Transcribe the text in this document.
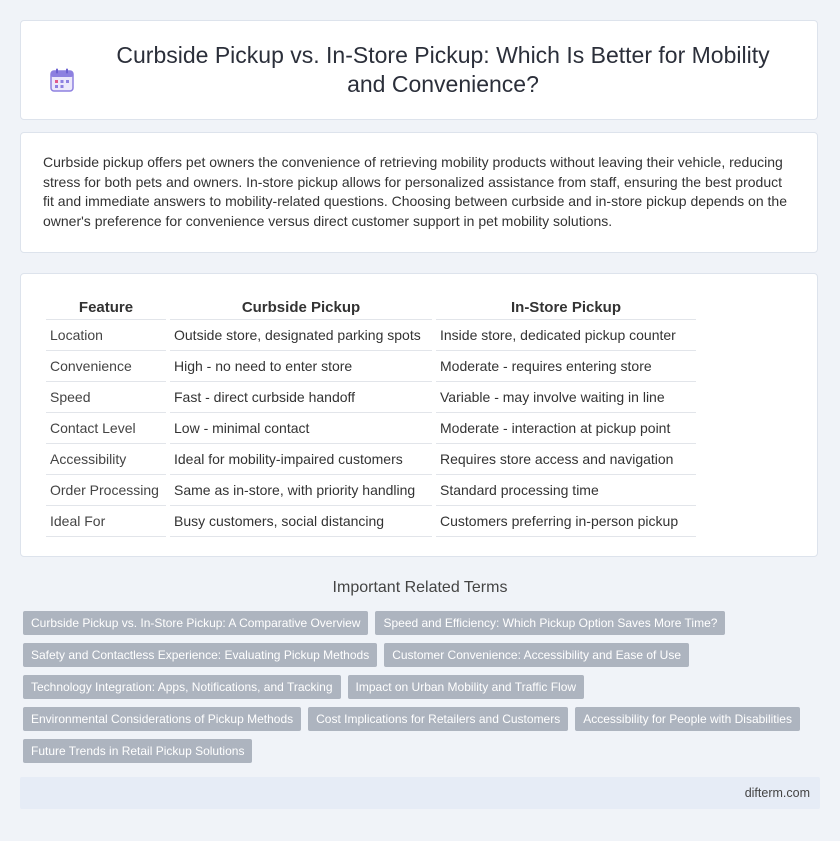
Curbside Pickup vs. In-Store Pickup: Which Is Better for Mobility and Convenience?

Curbside pickup offers pet owners the convenience of retrieving mobility products without leaving their vehicle, reducing stress for both pets and owners. In-store pickup allows for personalized assistance from staff, ensuring the best product fit and immediate answers to mobility-related questions. Choosing between curbside and in-store pickup depends on the owner's preference for convenience versus direct customer support in pet mobility solutions.

Feature	Curbside Pickup	In-Store Pickup
Location	Outside store, designated parking spots	Inside store, dedicated pickup counter
Convenience	High - no need to enter store	Moderate - requires entering store
Speed	Fast - direct curbside handoff	Variable - may involve waiting in line
Contact Level	Low - minimal contact	Moderate - interaction at pickup point
Accessibility	Ideal for mobility-impaired customers	Requires store access and navigation
Order Processing	Same as in-store, with priority handling	Standard processing time
Ideal For	Busy customers, social distancing	Customers preferring in-person pickup
Important Related Terms
Curbside Pickup vs. In-Store Pickup: A Comparative Overview	Speed and Efficiency: Which Pickup Option Saves More Time?
Safety and Contactless Experience: Evaluating Pickup Methods	Customer Convenience: Accessibility and Ease of Use
Technology Integration: Apps, Notifications, and Tracking	Impact on Urban Mobility and Traffic Flow
Environmental Considerations of Pickup Methods	Cost Implications for Retailers and Customers	Accessibility for People with Disabilities
Future Trends in Retail Pickup Solutions
difterm.com
